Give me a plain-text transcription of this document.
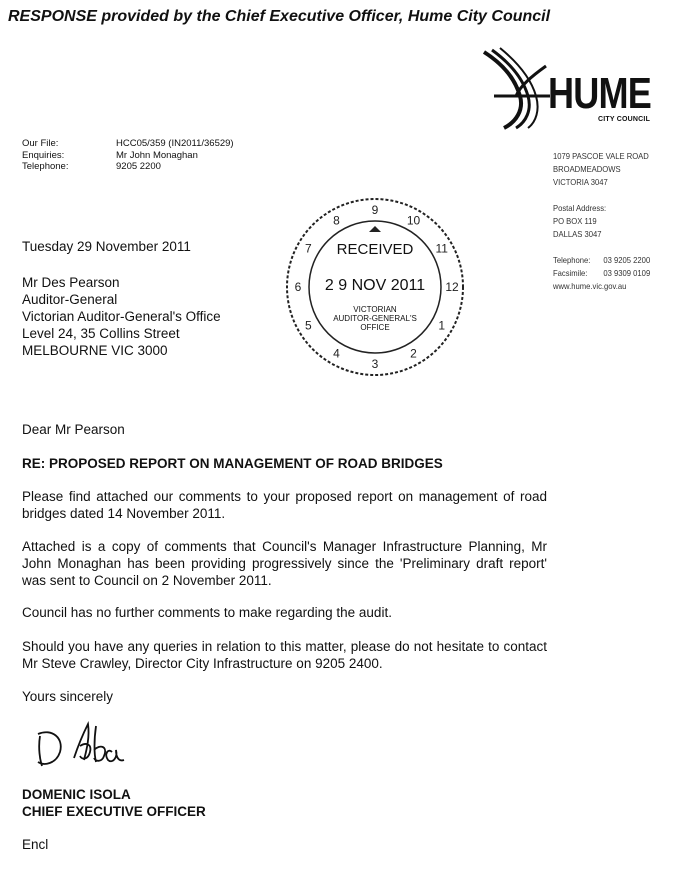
RESPONSE provided by the Chief Executive Officer, Hume City Council
HUME
CITY COUNCIL
1079 PASCOE VALE ROAD
BROADMEADOWS
VICTORIA 3047
Postal Address:
PO BOX 119
DALLAS 3047
Telephone: 03 9205 2200
Facsimile: 03 9309 0109
www.hume.vic.gov.au
Our File:	HCC05/359 (IN2011/36529)
Enquiries:	Mr John Monaghan
Telephone:	9205 2200
7
8
9
10
11
12
1
2
3
4
5
6
RECEIVED
2 9 NOV 2011
VICTORIAN
AUDITOR-GENERAL'S
OFFICE
Tuesday 29 November 2011
Mr Des Pearson
Auditor-General
Victorian Auditor-General's Office
Level 24, 35 Collins Street
MELBOURNE VIC 3000
Dear Mr Pearson
RE: PROPOSED REPORT ON MANAGEMENT OF ROAD BRIDGES
Please find attached our comments to your proposed report on management of road bridges dated 14 November 2011.
Attached is a copy of comments that Council's Manager Infrastructure Planning, Mr John Monaghan has been providing progressively since the 'Preliminary draft report' was sent to Council on 2 November 2011.
Council has no further comments to make regarding the audit.
Should you have any queries in relation to this matter, please do not hesitate to contact Mr Steve Crawley, Director City Infrastructure on 9205 2400.
Yours sincerely
DOMENIC ISOLA
CHIEF EXECUTIVE OFFICER
Encl
